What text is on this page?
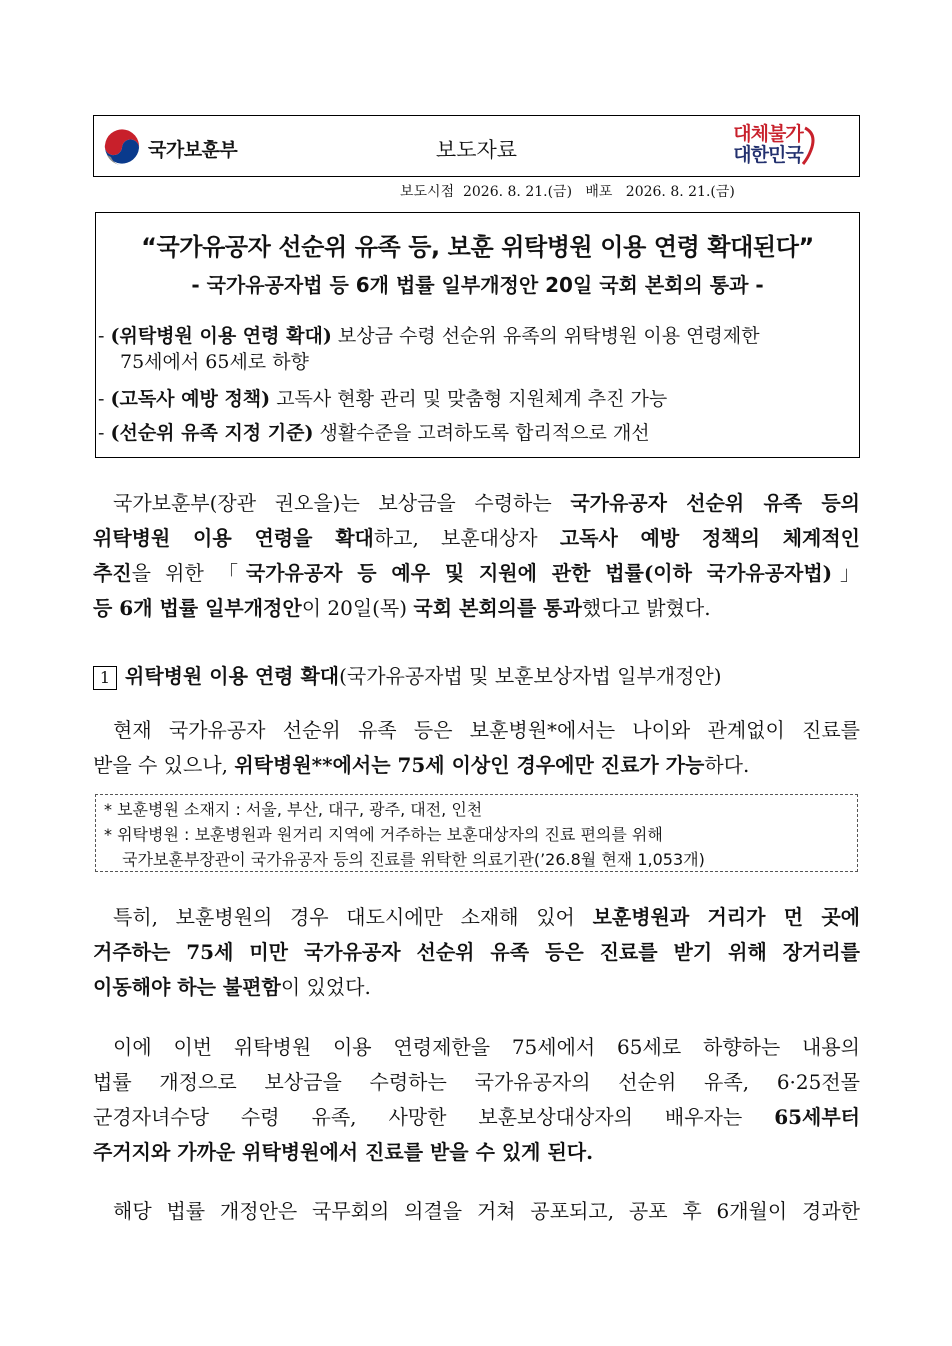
국가보훈부	보도자료
대체불가
대한민국
보도시점  2026. 8. 21.(금)   배포   2026. 8. 21.(금)
“국가유공자 선순위 유족 등, 보훈 위탁병원 이용 연령 확대된다”
- 국가유공자법 등 6개 법률 일부개정안 20일 국회 본회의 통과 -
- (위탁병원 이용 연령 확대) 보상금 수령 선순위 유족의 위탁병원 이용 연령제한
75세에서 65세로 하향
- (고독사 예방 정책) 고독사 현황 관리 및 맞춤형 지원체계 추진 가능
- (선순위 유족 지정 기준) 생활수준을 고려하도록 합리적으로 개선
국가보훈부(장관 권오을)는 보상금을 수령하는 국가유공자 선순위 유족 등의
위탁병원 이용 연령을 확대하고, 보훈대상자 고독사 예방 정책의 체계적인
추진을 위한 「국가유공자 등 예우 및 지원에 관한 법률(이하 국가유공자법)」
등 6개 법률 일부개정안이 20일(목) 국회 본회의를 통과했다고 밝혔다.
1 위탁병원 이용 연령 확대(국가유공자법 및 보훈보상자법 일부개정안)
현재 국가유공자 선순위 유족 등은 보훈병원*에서는 나이와 관계없이 진료를
받을 수 있으나, 위탁병원**에서는 75세 이상인 경우에만 진료가 가능하다.
* 보훈병원 소재지 : 서울, 부산, 대구, 광주, 대전, 인천
* 위탁병원 : 보훈병원과 원거리 지역에 거주하는 보훈대상자의 진료 편의를 위해
국가보훈부장관이 국가유공자 등의 진료를 위탁한 의료기관(’26.8월 현재 1,053개)
특히, 보훈병원의 경우 대도시에만 소재해 있어 보훈병원과 거리가 먼 곳에
거주하는 75세 미만 국가유공자 선순위 유족 등은 진료를 받기 위해 장거리를
이동해야 하는 불편함이 있었다.
이에 이번 위탁병원 이용 연령제한을 75세에서 65세로 하향하는 내용의
법률 개정으로 보상금을 수령하는 국가유공자의 선순위 유족, 6·25전몰
군경자녀수당 수령 유족, 사망한 보훈보상대상자의 배우자는 65세부터
주거지와 가까운 위탁병원에서 진료를 받을 수 있게 된다.
해당 법률 개정안은 국무회의 의결을 거쳐 공포되고, 공포 후 6개월이 경과한
